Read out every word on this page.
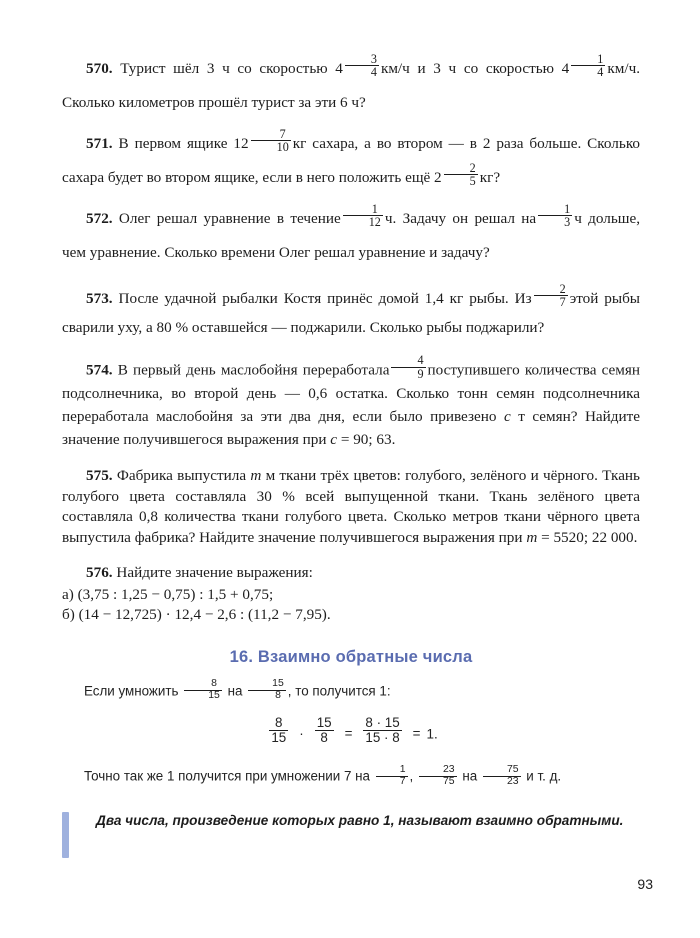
570. Турист шёл 3 ч со скоростью $4 \frac{3}{4} км/ч$ и 3 ч со скоростью $4 \frac{1}{4} км/ч$. Сколько километров прошёл турист за эти 6 ч?

571. В первом ящике $12 \frac{7}{10}$ кг сахара, а во втором — в 2 раза больше. Сколько сахара будет во втором ящике, если в него положить ещё $2 \frac{2}{5}$ кг?

572. Олег решал уравнение в течение $\frac{1}{12} ч$. Задачу он решал на $\frac{1}{3}$ ч дольше, чем уравнение. Сколько времени Олег решал уравнение и задачу?

573. После удачной рыбалки Костя принёс домой 1,4 кг рыбы. Из $\frac{2}{7}$ этой рыбы сварили уху, а 80 % оставшейся — поджарили. Сколько рыбы поджарили?

574. В первый день маслобойня переработала $\frac{4}{9}$ поступившего количества семян подсолнечника, во второй день — 0,6 остатка. Сколько тонн семян подсолнечника переработала маслобойня за эти два дня, если было привезено c т семян? Найдите значение получившегося выражения при c = 90; 63.

575. Фабрика выпустила m м ткани трёх цветов: голубого, зелёного и чёрного. Ткань голубого цвета составляла 30 % всей выпущенной ткани. Ткань зелёного цвета составляла 0,8 количества ткани голубого цвета. Сколько метров ткани чёрного цвета выпустила фабрика? Найдите значение получившегося выражения при m = 5520; 22 000.

576. Найдите значение выражения:

а) (3,75 : 1,25 − 0,75) : 1,5 + 0,75;

б) (14 − 12,725) · 12,4 − 2,6 : (11,2 − 7,95).

16. Взаимно обратные числа

Если умножить $\frac{8}{15}$ на $\frac{15}{8}$ , то получится 1:

$\frac{8}{15} \cdot \frac{15}{8} = \frac{8 \cdot 15}{15 \cdot 8} = 1$.

Точно так же 1 получится при умножении 7 на $\frac{1}{7}$ , $\frac{23}{75}$ на $\frac{75}{23}$ и т. д.

Два числа, произведение которых равно 1, называют взаимно обратными.
93
